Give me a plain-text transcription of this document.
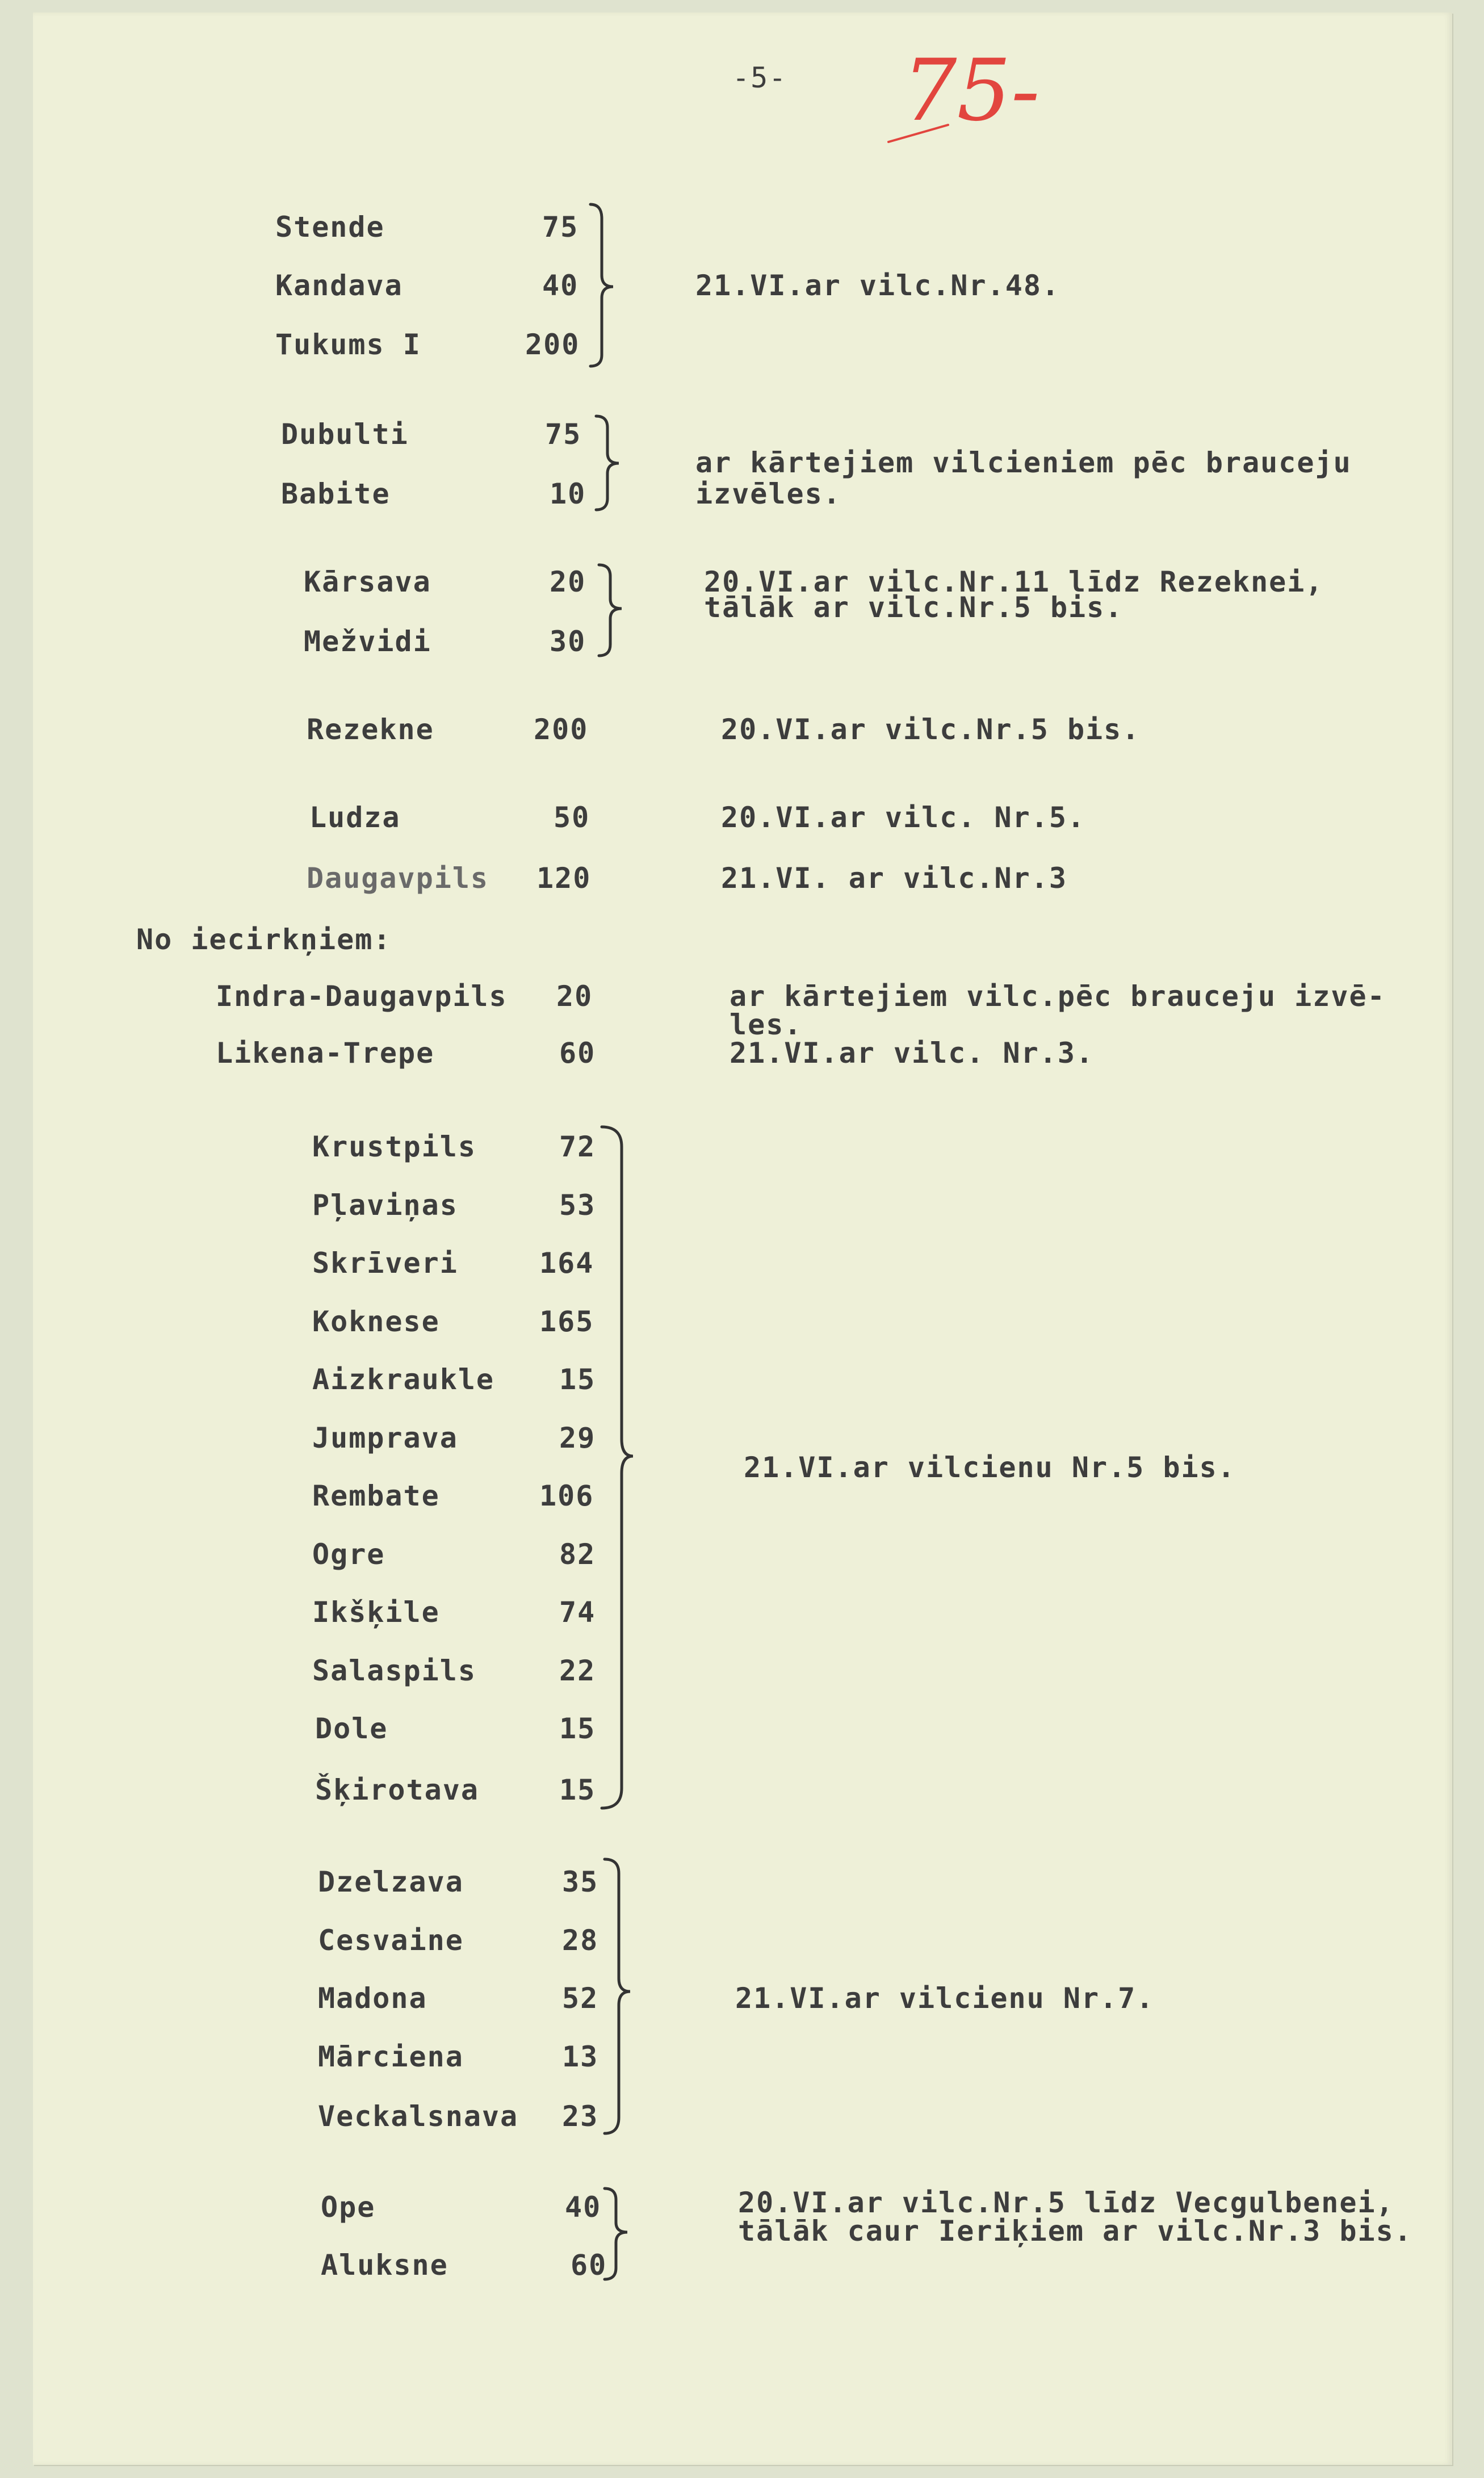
-5- 75-
Stende	75
Kandava	40
Tukums I	200
21.VI.ar vilc.Nr.48.
Dubulti	75
Babite	10
ar kārtejiem vilcieniem pēc brauceju
izvēles.
Kārsava	20
Mežvidi	30
20.VI.ar vilc.Nr.11 līdz Rezeknei,
tālāk ar vilc.Nr.5 bis.
Rezekne	200	20.VI.ar vilc.Nr.5 bis.
Ludza	50	20.VI.ar vilc. Nr.5.
Daugavpils 120	21.VI. ar vilc.Nr.3
No iecirkņiem:
Indra-Daugavpils 20	ar kārtejiem vilc.pēc brauceju izvē-
les.
Likena-Trepe	60	21.VI.ar vilc. Nr.3.
Krustpils	72
Pļaviņas	53
Skrīveri	164
Koknese	165
Aizkraukle 15
Jumprava	29
Rembate	106
Ogre	82
Ikšķile	74
Salaspils	22
Dole	15
Šķirotava	15
21.VI.ar vilcienu Nr.5 bis.
Dzelzava	35
Cesvaine	28
Madona	52
Mārciena	13
Veckalsnava 23
21.VI.ar vilcienu Nr.7.
Ope	40
Aluksne	60
20.VI.ar vilc.Nr.5 līdz Vecgulbenei,
tālāk caur Ieriķiem ar vilc.Nr.3 bis.
